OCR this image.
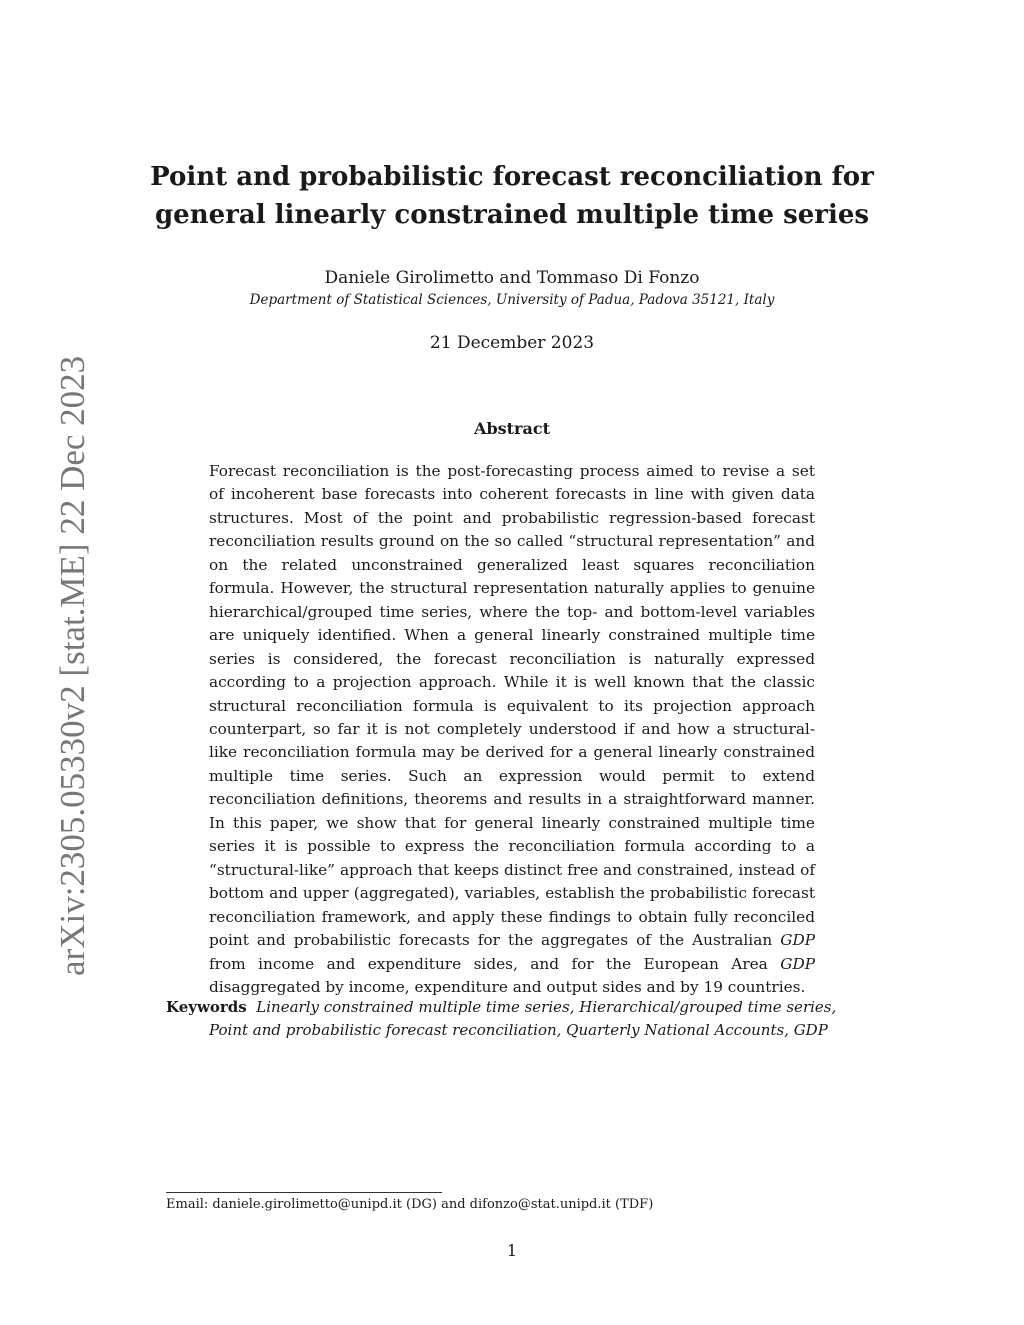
Point and probabilistic forecast reconciliation for general linearly constrained multiple time series
Daniele Girolimetto and Tommaso Di Fonzo
Department of Statistical Sciences, University of Padua, Padova 35121, Italy
21 December 2023
arXiv:2305.05330v2 [stat.ME] 22 Dec 2023	Abstract

Forecast reconciliation is the post-forecasting process aimed to revise a set of incoherent base forecasts into coherent forecasts in line with given data structures. Most of the point and probabilistic regression-based forecast reconciliation results ground on the so called “structural representation” and on the related unconstrained generalized least squares reconciliation formula. However, the structural representation naturally applies to genuine hierarchical/grouped time series, where the top- and bottom-level variables are uniquely identified. When a general linearly constrained multiple time series is considered, the forecast reconciliation is naturally expressed according to a projection approach. While it is well known that the classic structural reconciliation formula is equivalent to its projection approach counterpart, so far it is not completely understood if and how a structural-like reconciliation formula may be derived for a general linearly constrained multiple time series. Such an expression would permit to extend reconciliation definitions, theorems and results in a straightforward manner. In this paper, we show that for general linearly constrained multiple time series it is possible to express the reconciliation formula according to a “structural-like” approach that keeps distinct free and constrained, instead of bottom and upper (aggregated), variables, establish the probabilistic forecast reconciliation framework, and apply these findings to obtain fully reconciled point and probabilistic forecasts for the aggregates of the Australian GDP from income and expenditure sides, and for the European Area GDP disaggregated by income, expenditure and output sides and by 19 countries.

Keywords Linearly constrained multiple time series, Hierarchical/grouped time series,
Point and probabilistic forecast reconciliation, Quarterly National Accounts, GDP
Email: daniele.girolimetto@unipd.it (DG) and difonzo@stat.unipd.it (TDF)
1
